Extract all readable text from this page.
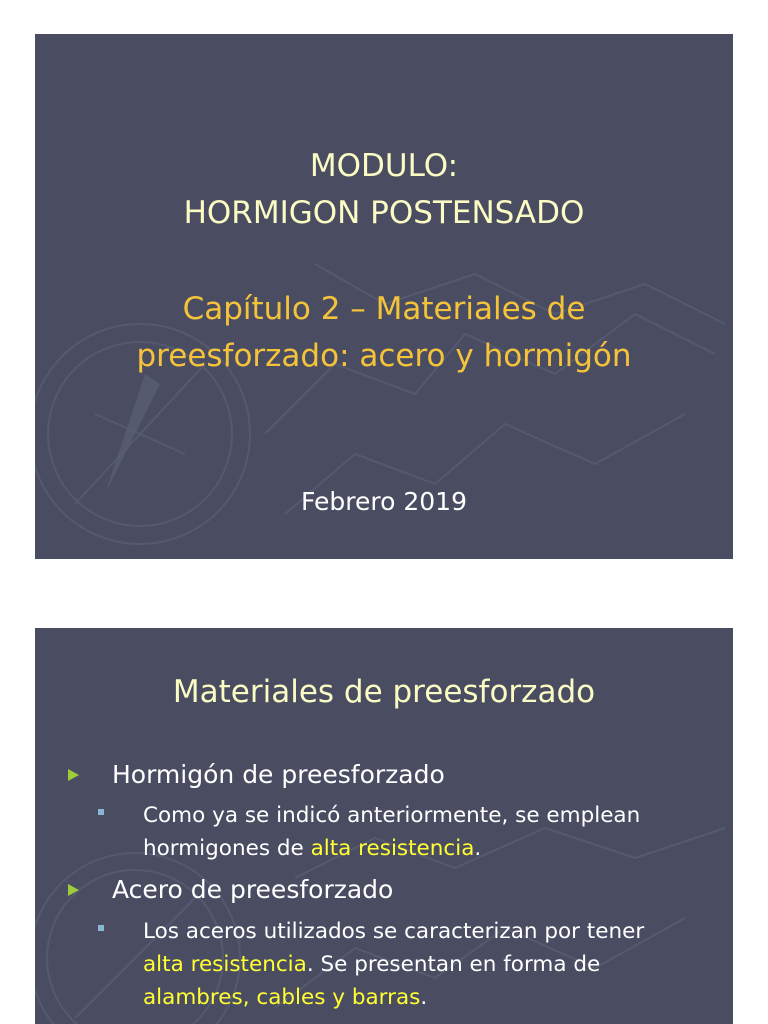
MODULO:
HORMIGON POSTENSADO
Capítulo 2 – Materiales de
preesforzado: acero y hormigón
Febrero 2019
Materiales de preesforzado
Hormigón de preesforzado
Como ya se indicó anteriormente, se emplean
hormigones de alta resistencia.
Acero de preesforzado
Los aceros utilizados se caracterizan por tener
alta resistencia. Se presentan en forma de
alambres, cables y barras.
